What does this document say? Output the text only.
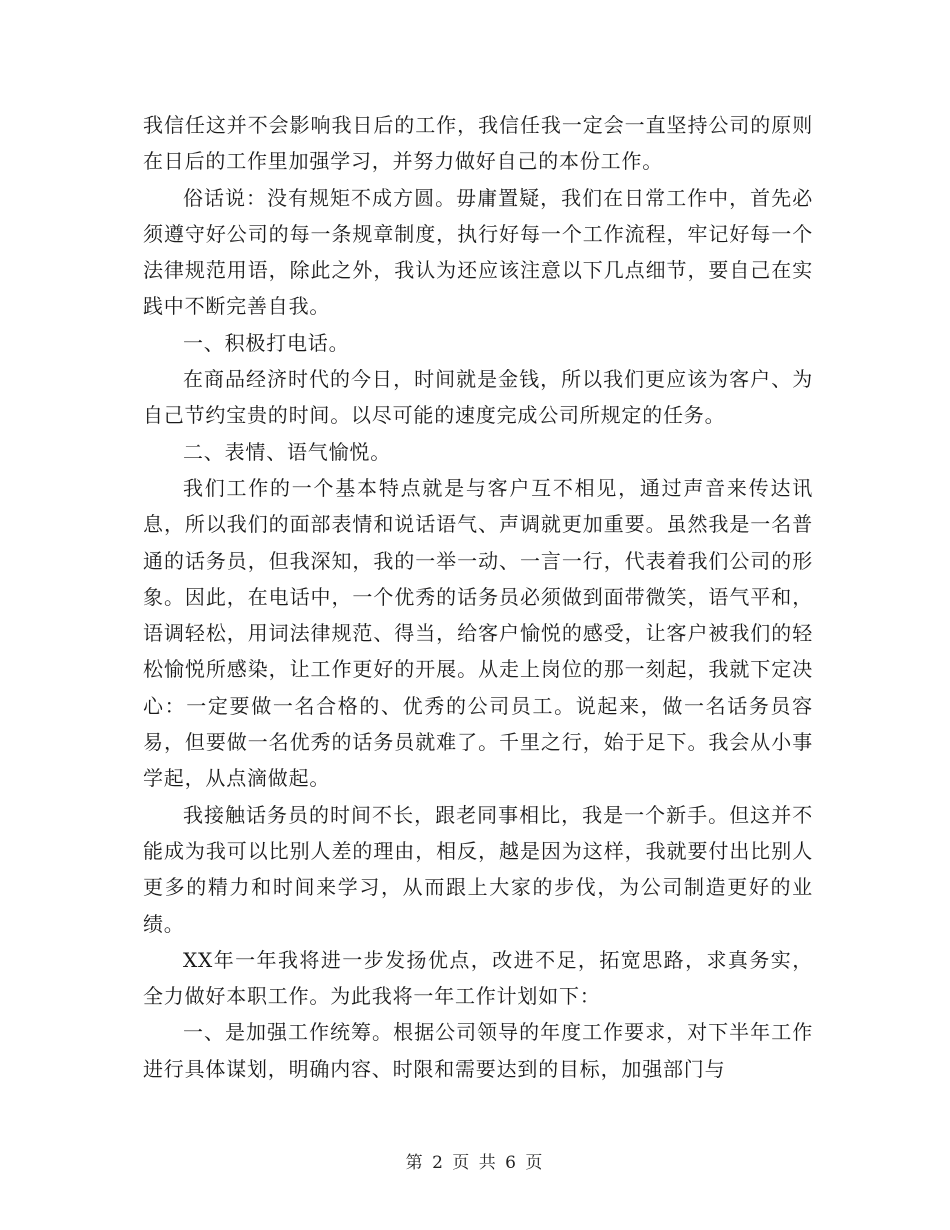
我信任这并不会影响我日后的工作，我信任我一定会一直坚持公司的原则在日后的工作里加强学习，并努力做好自己的本份工作。

俗话说：没有规矩不成方圆。毋庸置疑，我们在日常工作中，首先必须遵守好公司的每一条规章制度，执行好每一个工作流程，牢记好每一个法律规范用语，除此之外，我认为还应该注意以下几点细节，要自己在实践中不断完善自我。

一、积极打电话。

在商品经济时代的今日，时间就是金钱，所以我们更应该为客户、为自己节约宝贵的时间。以尽可能的速度完成公司所规定的任务。

二、表情、语气愉悦。

我们工作的一个基本特点就是与客户互不相见，通过声音来传达讯息，所以我们的面部表情和说话语气、声调就更加重要。虽然我是一名普通的话务员，但我深知，我的一举一动、一言一行，代表着我们公司的形象。因此，在电话中，一个优秀的话务员必须做到面带微笑，语气平和，语调轻松，用词法律规范、得当，给客户愉悦的感受，让客户被我们的轻松愉悦所感染，让工作更好的开展。从走上岗位的那一刻起，我就下定决心：一定要做一名合格的、优秀的公司员工。说起来，做一名话务员容易，但要做一名优秀的话务员就难了。千里之行，始于足下。我会从小事学起，从点滴做起。

我接触话务员的时间不长，跟老同事相比，我是一个新手。但这并不能成为我可以比别人差的理由，相反，越是因为这样，我就要付出比别人更多的精力和时间来学习，从而跟上大家的步伐，为公司制造更好的业绩。

XX年一年我将进一步发扬优点，改进不足，拓宽思路，求真务实，全力做好本职工作。为此我将一年工作计划如下：

一、是加强工作统筹。根据公司领导的年度工作要求，对下半年工作进行具体谋划，明确内容、时限和需要达到的目标，加强部门与

第 2 页 共 6 页
